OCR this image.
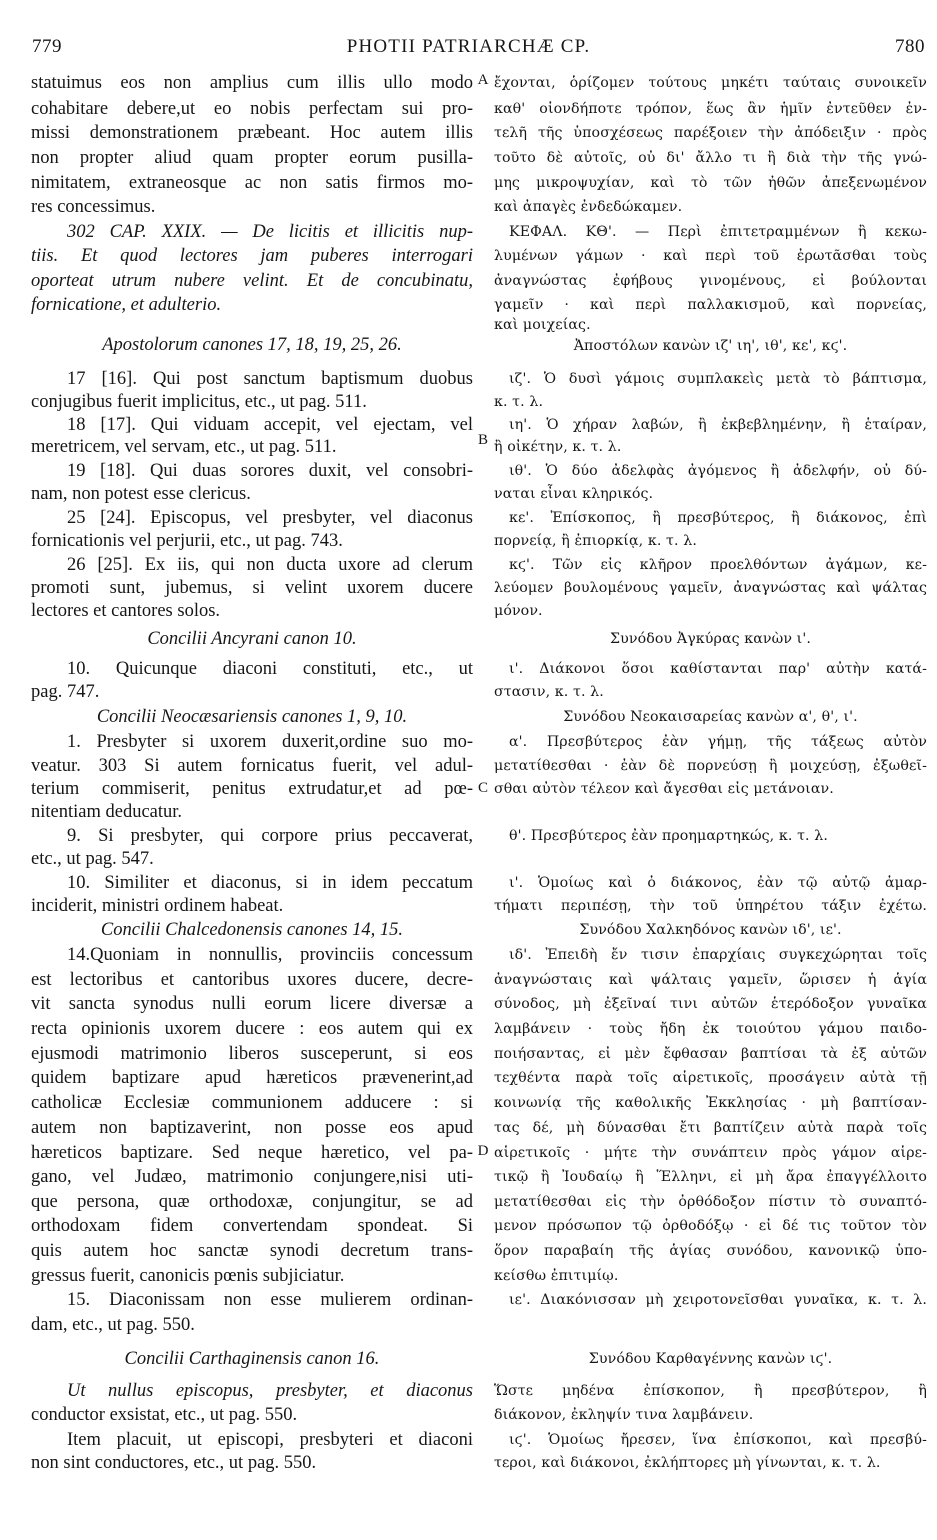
779	PHOTII PATRIARCHÆ CP.	780
statuimus eos non amplius cum illis ullo modo
cohabitare debere,ut eo nobis perfectam sui pro-
missi demonstrationem præbeant. Hoc autem illis
non propter aliud quam propter eorum pusilla-
nimitatem, extraneosque ac non satis firmos mo-
res concessimus.
302 CAP. XXIX. — De licitis et illicitis nup-
tiis. Et quod lectores jam puberes interrogari
oporteat utrum nubere velint. Et de concubinatu,
fornicatione, et adulterio.
Apostolorum canones 17, 18, 19, 25, 26.
17 [16]. Qui post sanctum baptismum duobus
conjugibus fuerit implicitus, etc., ut pag. 511.
18 [17]. Qui viduam accepit, vel ejectam, vel
meretricem, vel servam, etc., ut pag. 511.
19 [18]. Qui duas sorores duxit, vel consobri-
nam, non potest esse clericus.
25 [24]. Episcopus, vel presbyter, vel diaconus
fornicationis vel perjurii, etc., ut pag. 743.
26 [25]. Ex iis, qui non ducta uxore ad clerum
promoti sunt, jubemus, si velint uxorem ducere
lectores et cantores solos.
Concilii Ancyrani canon 10.
10. Quicunque diaconi constituti, etc., ut
pag. 747.
Concilii Neocæsariensis canones 1, 9, 10.
1. Presbyter si uxorem duxerit,ordine suo mo-
veatur. 303 Si autem fornicatus fuerit, vel adul-
terium commiserit, penitus extrudatur,et ad pœ-
nitentiam deducatur.
9. Si presbyter, qui corpore prius peccaverat,
etc., ut pag. 547.
10. Similiter et diaconus, si in idem peccatum
inciderit, ministri ordinem habeat.
Concilii Chalcedonensis canones 14, 15.
14.Quoniam in nonnullis, provinciis concessum
est lectoribus et cantoribus uxores ducere, decre-
vit sancta synodus nulli eorum licere diversæ a
recta opinionis uxorem ducere : eos autem qui ex
ejusmodi matrimonio liberos susceperunt, si eos
quidem baptizare apud hæreticos prævenerint,ad
catholicæ Ecclesiæ communionem adducere : si
autem non baptizaverint, non posse eos apud
hæreticos baptizare. Sed neque hæretico, vel pa-
gano, vel Judæo, matrimonio conjungere,nisi uti-
que persona, quæ orthodoxæ, conjungitur, se ad
orthodoxam fidem convertendam spondeat. Si
quis autem hoc sanctæ synodi decretum trans-
gressus fuerit, canonicis pœnis subjiciatur.
15. Diaconissam non esse mulierem ordinan-
dam, etc., ut pag. 550.
Concilii Carthaginensis canon 16.
Ut nullus episcopus, presbyter, et diaconus
conductor exsistat, etc., ut pag. 550.
Item placuit, ut episcopi, presbyteri et diaconi
non sint conductores, etc., ut pag. 550.
A
B
C
D
ἔχονται, ὁρίζομεν τούτους μηκέτι ταύταις συνοικεῖν
καθ' οἱονδήποτε τρόπον, ἕως ἂν ἡμῖν ἐντεῦθεν ἐν-
τελῆ τῆς ὑποσχέσεως παρέξοιεν τὴν ἀπόδειξιν · πρὸς
τοῦτο δὲ αὐτοῖς, οὐ δι' ἄλλο τι ἢ διὰ τὴν τῆς γνώ-
μης μικροψυχίαν, καὶ τὸ τῶν ἠθῶν ἀπεξενωμένον
καὶ ἀπαγὲς ἐνδεδώκαμεν.
ΚΕΦΑΛ. ΚΘ'. — Περὶ ἐπιτετραμμένων ἢ κεκω-
λυμένων γάμων · καὶ περὶ τοῦ ἐρωτᾶσθαι τοὺς
ἀναγνώστας ἐφήβους γινομένους, εἰ βούλονται
γαμεῖν · καὶ περὶ παλλακισμοῦ, καὶ πορνείας,
καὶ μοιχείας.
Ἀποστόλων κανὼν ιζ' ιη', ιθ', κε', κϛ'.
ιζ'. Ὁ δυσὶ γάμοις συμπλακεὶς μετὰ τὸ βάπτισμα,
κ. τ. λ.
ιη'. Ὁ χήραν λαβών, ἢ ἐκβεβλημένην, ἢ ἑταίραν,
ἢ οἰκέτην, κ. τ. λ.
ιθ'. Ὁ δύο ἀδελφὰς ἀγόμενος ἢ ἀδελφήν, οὐ δύ-
ναται εἶναι κληρικός.
κε'. Ἐπίσκοπος, ἢ πρεσβύτερος, ἢ διάκονος, ἐπὶ
πορνείᾳ, ἢ ἐπιορκίᾳ, κ. τ. λ.
κϛ'. Τῶν εἰς κλῆρον προελθόντων ἀγάμων, κε-
λεύομεν βουλομένους γαμεῖν, ἀναγνώστας καὶ ψάλτας
μόνον.
Συνόδου Ἀγκύρας κανὼν ι'.
ι'. Διάκονοι ὅσοι καθίστανται παρ' αὐτὴν κατά-
στασιν, κ. τ. λ.
Συνόδου Νεοκαισαρείας κανὼν α', θ', ι'.
α'. Πρεσβύτερος ἐὰν γήμῃ, τῆς τάξεως αὐτὸν
μετατίθεσθαι · ἐὰν δὲ πορνεύσῃ ἢ μοιχεύσῃ, ἐξωθεῖ-
σθαι αὐτὸν τέλεον καὶ ἄγεσθαι εἰς μετάνοιαν.
θ'. Πρεσβύτερος ἐὰν προημαρτηκώς, κ. τ. λ.
ι'. Ὁμοίως καὶ ὁ διάκονος, ἐὰν τῷ αὐτῷ ἁμαρ-
τήματι περιπέσῃ, τὴν τοῦ ὑπηρέτου τάξιν ἐχέτω.
Συνόδου Χαλκηδόνος κανὼν ιδ', ιε'.
ιδ'. Ἐπειδὴ ἔν τισιν ἐπαρχίαις συγκεχώρηται τοῖς
ἀναγνώσταις καὶ ψάλταις γαμεῖν, ὥρισεν ἡ ἁγία
σύνοδος, μὴ ἐξεῖναί τινι αὐτῶν ἑτερόδοξον γυναῖκα
λαμβάνειν · τοὺς ἤδη ἐκ τοιούτου γάμου παιδο-
ποιήσαντας, εἰ μὲν ἔφθασαν βαπτίσαι τὰ ἐξ αὐτῶν
τεχθέντα παρὰ τοῖς αἱρετικοῖς, προσάγειν αὐτὰ τῇ
κοινωνίᾳ τῆς καθολικῆς Ἐκκλησίας · μὴ βαπτίσαν-
τας δέ, μὴ δύνασθαι ἔτι βαπτίζειν αὐτὰ παρὰ τοῖς
αἱρετικοῖς · μήτε τὴν συνάπτειν πρὸς γάμον αἱρε-
τικῷ ἢ Ἰουδαίῳ ἢ Ἕλληνι, εἰ μὴ ἄρα ἐπαγγέλλοιτο
μετατίθεσθαι εἰς τὴν ὀρθόδοξον πίστιν τὸ συναπτό-
μενον πρόσωπον τῷ ὀρθοδόξῳ · εἰ δέ τις τοῦτον τὸν
ὅρον παραβαίη τῆς ἁγίας συνόδου, κανονικῷ ὑπο-
κείσθω ἐπιτιμίῳ.
ιε'. Διακόνισσαν μὴ χειροτονεῖσθαι γυναῖκα, κ. τ. λ.
Συνόδου Καρθαγέννης κανὼν ιϛ'.
Ὥστε μηδένα ἐπίσκοπον, ἢ πρεσβύτερον, ἢ
διάκονον, ἐκληψίν τινα λαμβάνειν.
ιϛ'. Ὁμοίως ἤρεσεν, ἵνα ἐπίσκοποι, καὶ πρεσβύ-
τεροι, καὶ διάκονοι, ἐκλήπτορες μὴ γίνωνται, κ. τ. λ.
